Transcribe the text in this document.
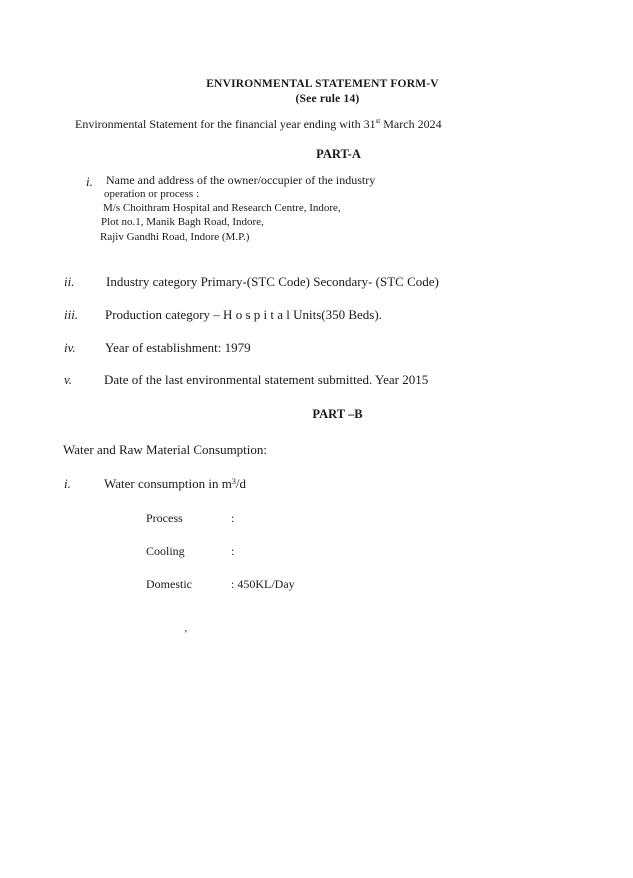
ENVIRONMENTAL STATEMENT FORM-V
(See rule 14)
Environmental Statement for the financial year ending with 31st March 2024
PART-A
i. Name and address of the owner/occupier of the industry
operation or process :
M/s Choithram Hospital and Research Centre, Indore,
Plot no.1, Manik Bagh Road, Indore,
Rajiv Gandhi Road, Indore (M.P.)
ii. Industry category Primary-(STC Code) Secondary- (STC Code)
iii. Production category – H o s p i t a l Units(350 Beds).
iv. Year of establishment: 1979
v. Date of the last environmental statement submitted. Year 2015
PART –B
Water and Raw Material Consumption:
i.	Water consumption in $m^3/d$
Process	:
Cooling	:
Domestic	: 450KL/Day
’
